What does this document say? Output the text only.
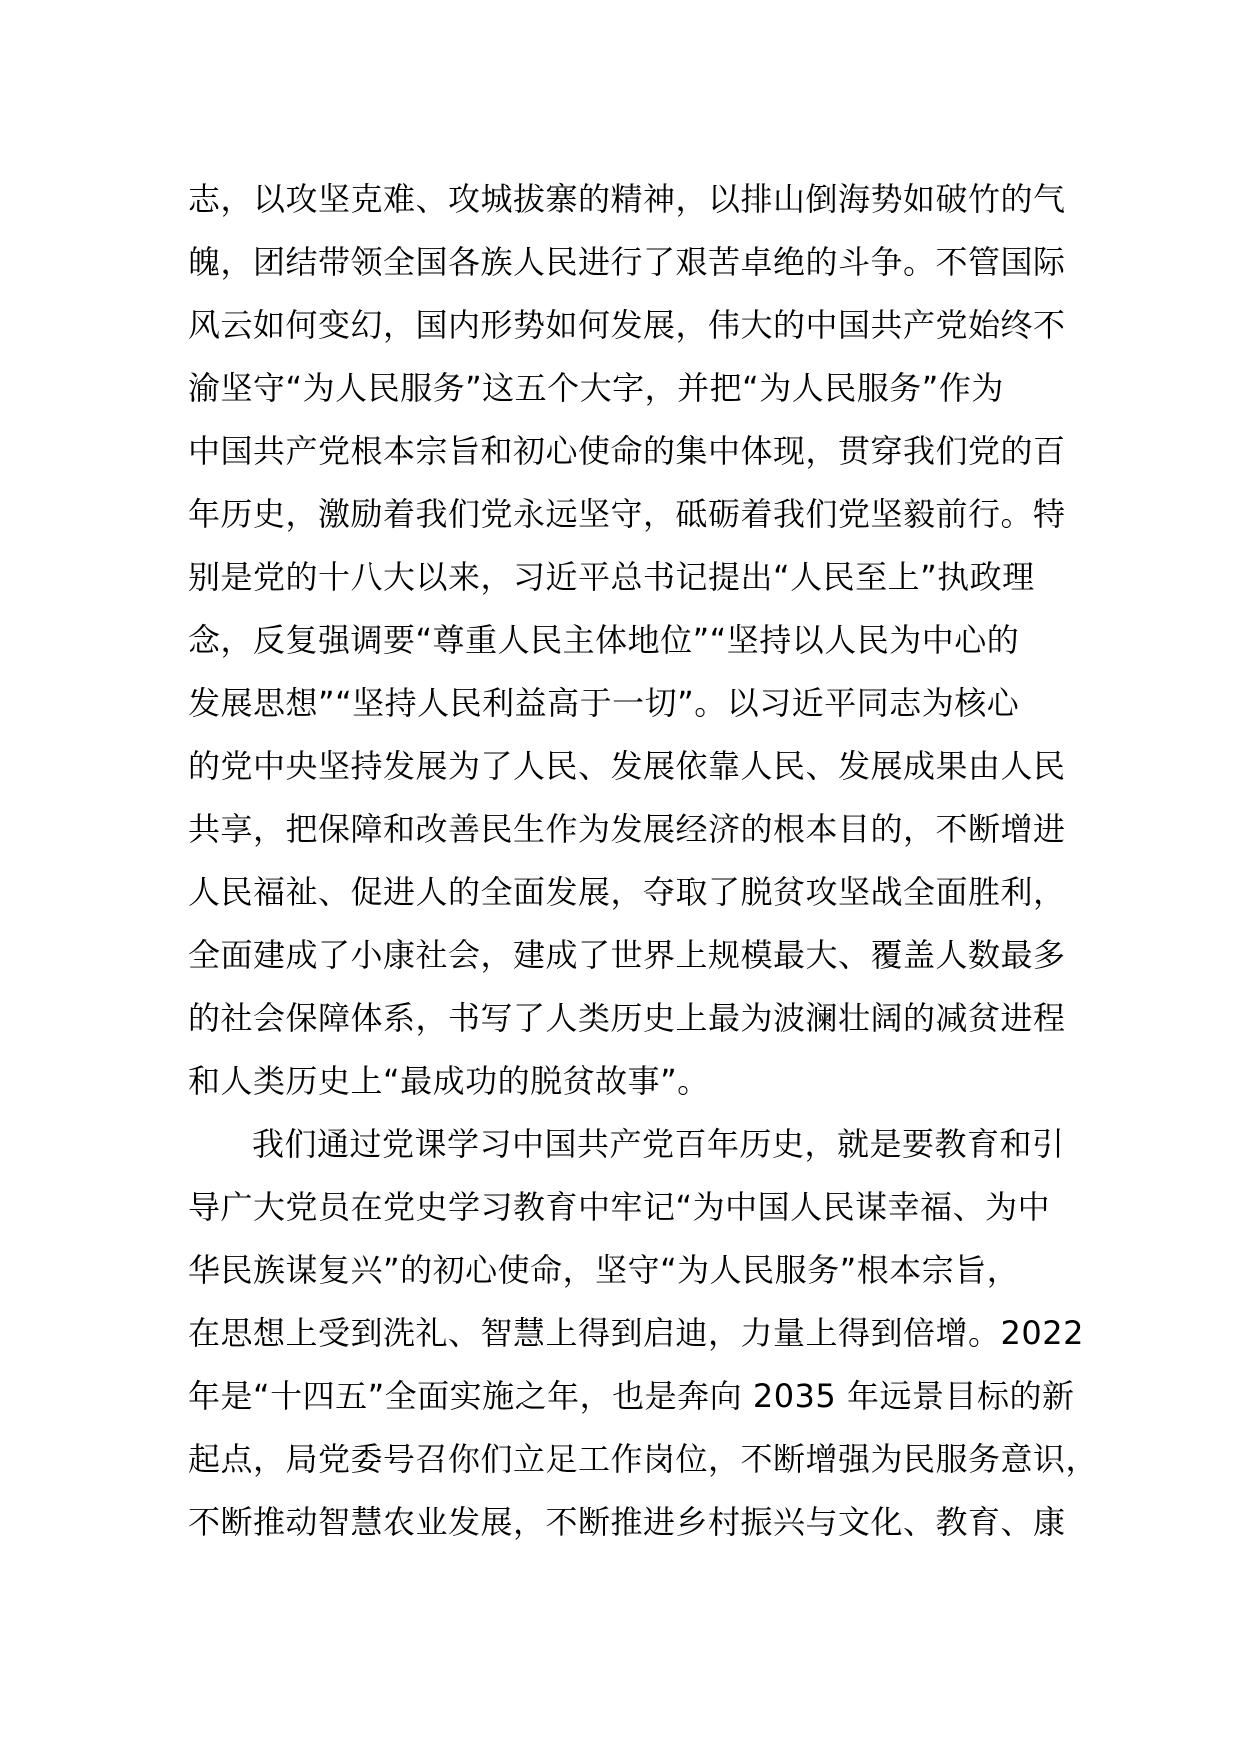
志，以攻坚克难、攻城拔寨的精神，以排山倒海势如破竹的气
魄，团结带领全国各族人民进行了艰苦卓绝的斗争。不管国际
风云如何变幻，国内形势如何发展，伟大的中国共产党始终不
渝坚守“为人民服务”这五个大字，并把“为人民服务”作为
中国共产党根本宗旨和初心使命的集中体现，贯穿我们党的百
年历史，激励着我们党永远坚守，砥砺着我们党坚毅前行。特
别是党的十八大以来，习近平总书记提出“人民至上”执政理
念，反复强调要“尊重人民主体地位”“坚持以人民为中心的
发展思想”“坚持人民利益高于一切”。以习近平同志为核心
的党中央坚持发展为了人民、发展依靠人民、发展成果由人民
共享，把保障和改善民生作为发展经济的根本目的，不断增进
人民福祉、促进人的全面发展，夺取了脱贫攻坚战全面胜利，
全面建成了小康社会，建成了世界上规模最大、覆盖人数最多
的社会保障体系，书写了人类历史上最为波澜壮阔的减贫进程
和人类历史上“最成功的脱贫故事”。
我们通过党课学习中国共产党百年历史，就是要教育和引
导广大党员在党史学习教育中牢记“为中国人民谋幸福、为中
华民族谋复兴”的初心使命，坚守“为人民服务”根本宗旨，
在思想上受到洗礼、智慧上得到启迪，力量上得到倍增。2022
年是“十四五”全面实施之年，也是奔向 2035 年远景目标的新
起点，局党委号召你们立足工作岗位，不断增强为民服务意识，
不断推动智慧农业发展，不断推进乡村振兴与文化、教育、康
